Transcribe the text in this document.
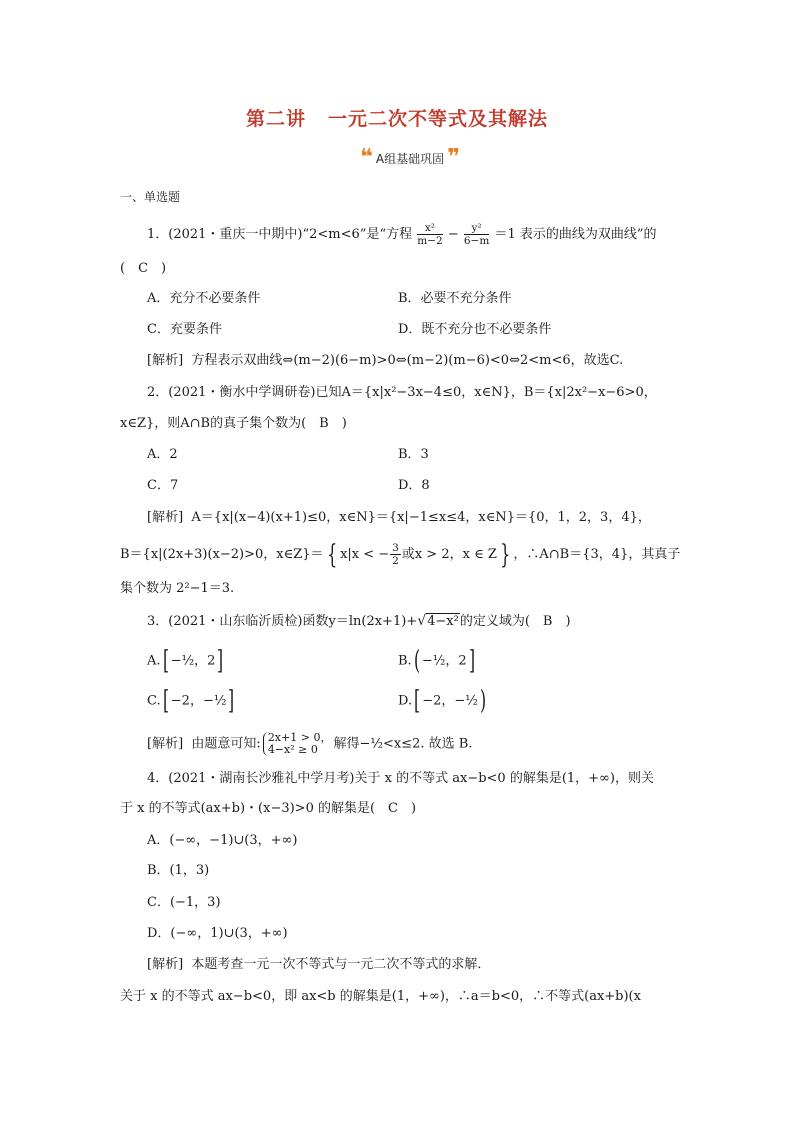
第二讲 一元二次不等式及其解法
❝ A组基础巩固 ❞
一、单选题
1．(2021・重庆一中期中)“2<m<6”是“方程 $\frac{\text{x²}}{m-2} - \frac{\text{y²}}{6-m} =1$ 表示的曲线为双曲线”的
(　C　)
A．充分不必要条件	B．必要不充分条件
C．充要条件	D．既不充分也不必要条件
[解析] 方程表示双曲线⇔(m−2)(6−m)>0⇔(m−2)(m−6)<0⇔2<m<6，故选C.
2．(2021・衡水中学调研卷)已知A＝{x|x²−3x−4≤0，x∈N}，B＝{x|2x²−x−6>0，
x∈Z}，则A∩B的真子集个数为(　B　)
A．2	B．3
C．7	D．8
[解析] A＝{x|(x−4)(x+1)≤0，x∈N}＝{x|−1≤x≤4，x∈N}＝{0，1，2，3，4}，
B＝{x|(2x+3)(x−2)>0，x∈Z}＝ { x|x < − $\frac{3}{2}$ 或x > 2，x ∈ Z } ，∴A∩B＝{3，4}，其真子
集个数为 2²−1＝3.
3．(2021・山东临沂质检)函数y＝ln(2x+1)+√4−x²的定义域为(　B　)
A.[ −½，2]	B.( −½，2]
C.[ −2，−½]	D.[ −2，−½)
[解析] 由题意可知: 2x+1 > 0，
4−x² ≥ 0	解得−½<x≤2. 故选 B.
4．(2021・湖南长沙雅礼中学月考)关于 x 的不等式 ax−b<0 的解集是(1，+∞)，则关
于 x 的不等式(ax+b)・(x−3)>0 的解集是(　C　)
A．(−∞，−1)∪(3，+∞)
B．(1，3)
C．(−1，3)
D．(−∞，1)∪(3，+∞)
[解析] 本题考查一元一次不等式与一元二次不等式的求解．
关于 x 的不等式 ax−b<0，即 ax<b 的解集是(1，+∞)，∴a＝b<0，∴不等式(ax+b)(x
